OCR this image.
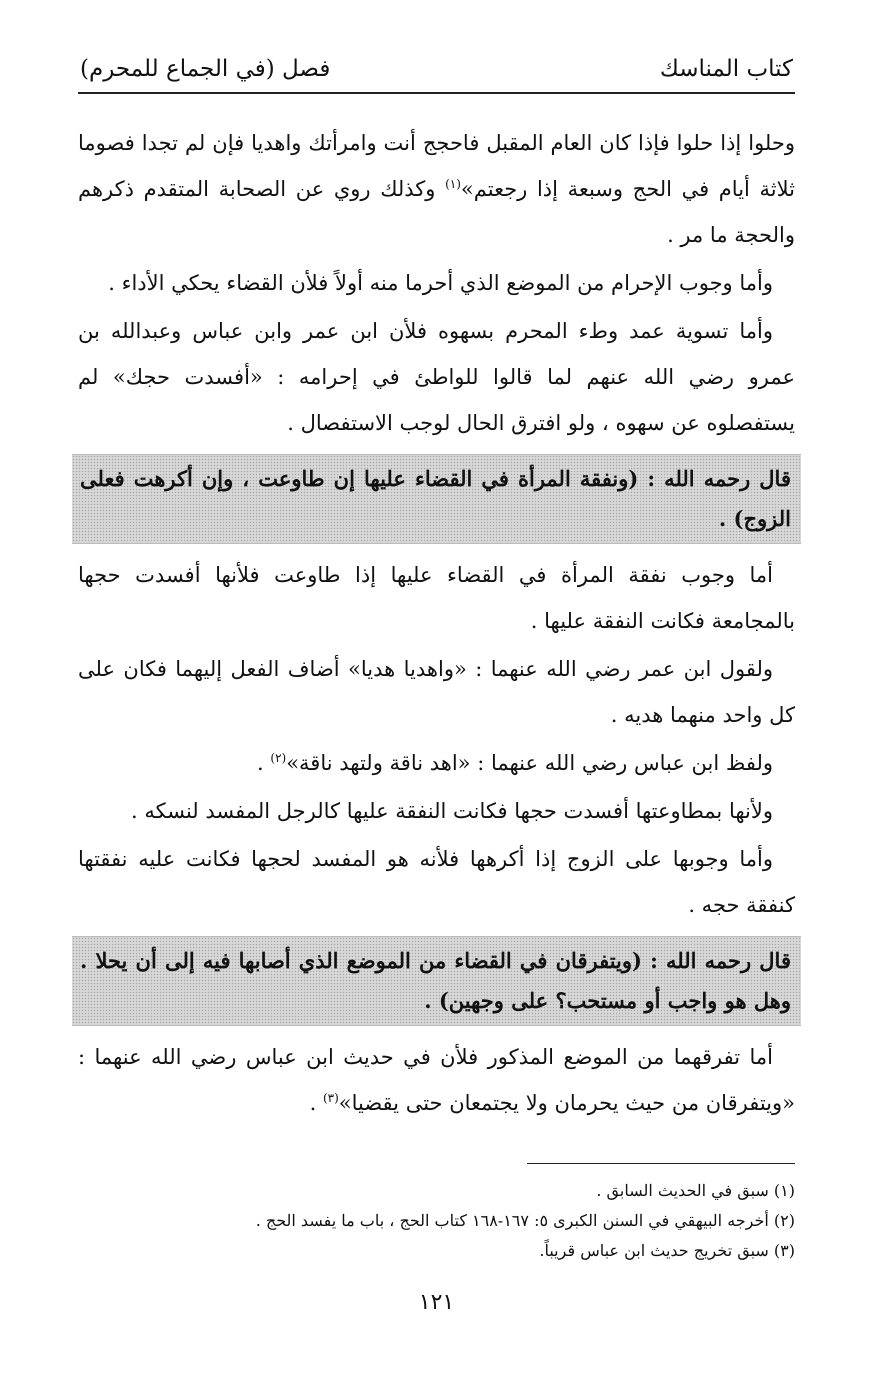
كتاب المناسك
فصل (في الجماع للمحرم)

وحلوا إذا حلوا فإذا كان العام المقبل فاحجج أنت وامرأتك واهديا فإن لم تجدا فصوما ثلاثة أيام في الحج وسبعة إذا رجعتم»$^{(١)}$ وكذلك روي عن الصحابة المتقدم ذكرهم والحجة ما مر .

وأما وجوب الإحرام من الموضع الذي أحرما منه أولاً فلأن القضاء يحكي الأداء .

وأما تسوية عمد وطء المحرم بسهوه فلأن ابن عمر وابن عباس وعبدالله بن عمرو رضي الله عنهم لما قالوا للواطئ في إحرامه : «أفسدت حجك» لم يستفصلوه عن سهوه ، ولو افترق الحال لوجب الاستفصال .

قال رحمه الله : (ونفقة المرأة في القضاء عليها إن طاوعت ، وإن أكرهت فعلى الزوج) .

أما وجوب نفقة المرأة في القضاء عليها إذا طاوعت فلأنها أفسدت حجها بالمجامعة فكانت النفقة عليها .

ولقول ابن عمر رضي الله عنهما : «واهديا هديا» أضاف الفعل إليهما فكان على كل واحد منهما هديه .

ولفظ ابن عباس رضي الله عنهما : «اهد ناقة ولتهد ناقة»$^{(٢)}$ .

ولأنها بمطاوعتها أفسدت حجها فكانت النفقة عليها كالرجل المفسد لنسكه .

وأما وجوبها على الزوج إذا أكرهها فلأنه هو المفسد لحجها فكانت عليه نفقتها كنفقة حجه .

قال رحمه الله : (ويتفرقان في القضاء من الموضع الذي أصابها فيه إلى أن يحلا . وهل هو واجب أو مستحب؟ على وجهين) .

أما تفرقهما من الموضع المذكور فلأن في حديث ابن عباس رضي الله عنهما : «ويتفرقان من حيث يحرمان ولا يجتمعان حتى يقضيا»$^{(٣)}$ .

(١) سبق في الحديث السابق .

(٢) أخرجه البيهقي في السنن الكبرى ٥: ١٦٧-١٦٨ كتاب الحج ، باب ما يفسد الحج .

(٣) سبق تخريج حديث ابن عباس قريباً.

١٢١
